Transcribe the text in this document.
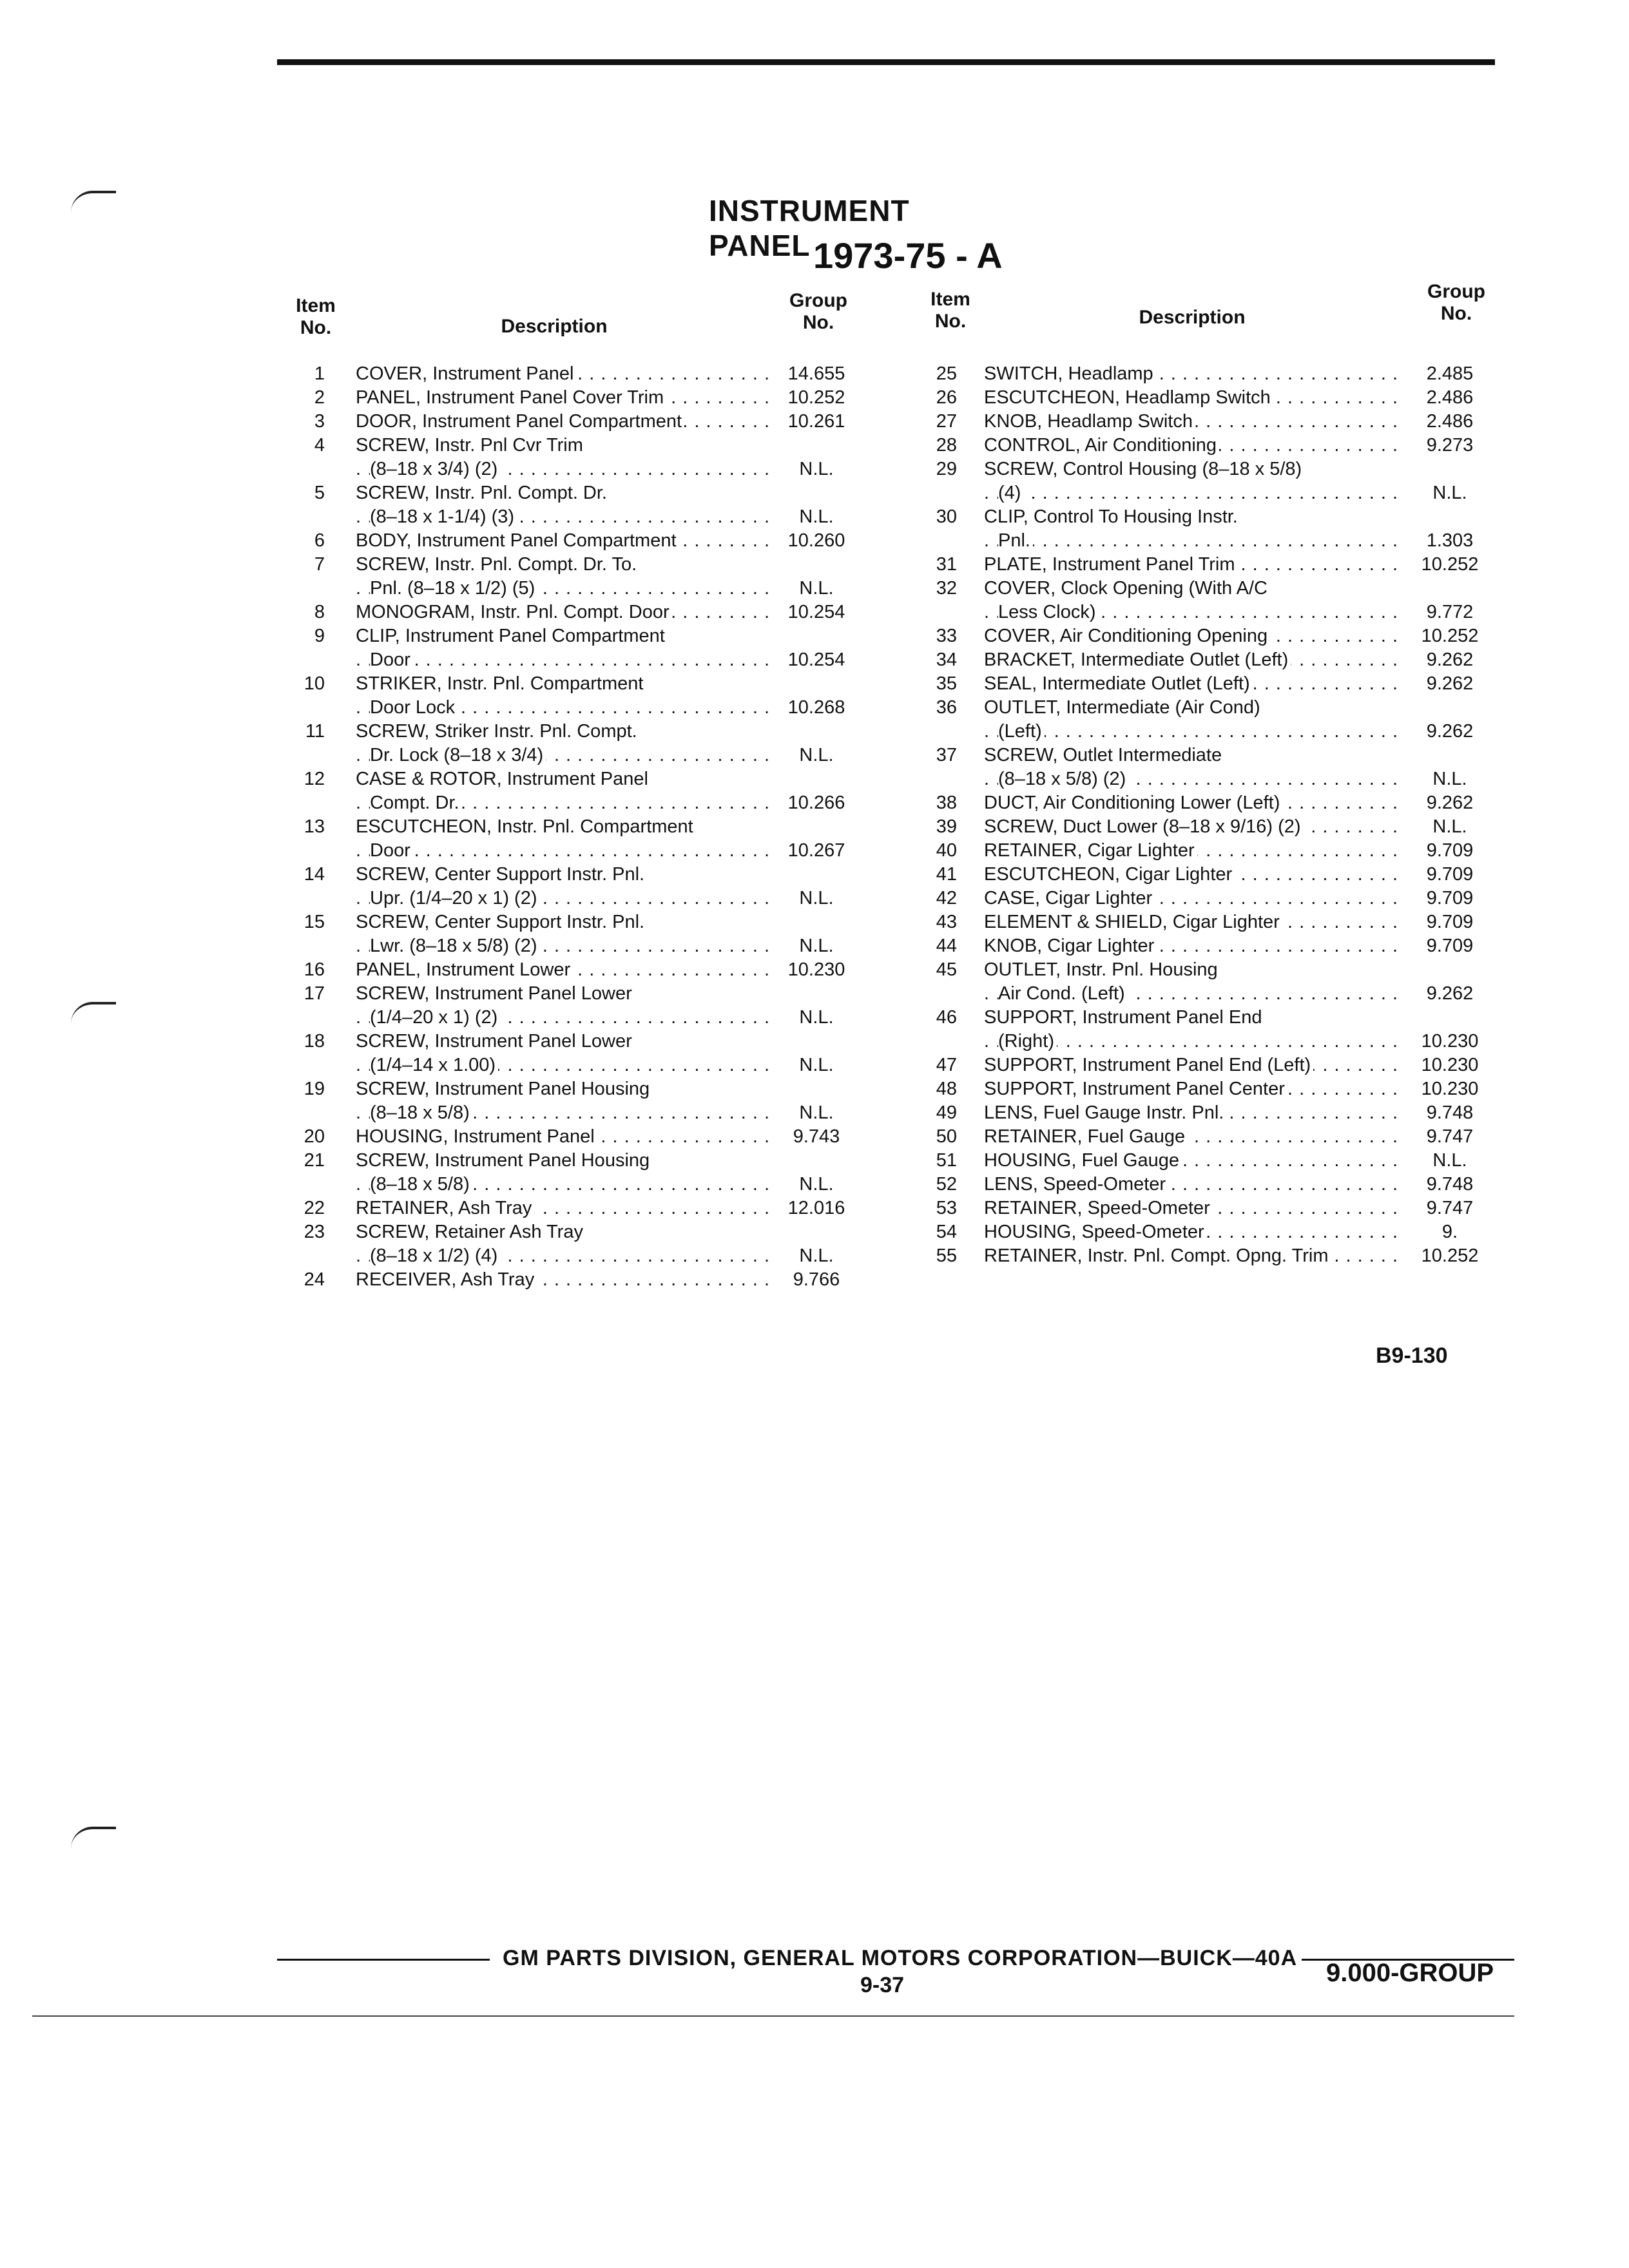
INSTRUMENT PANEL 1973-75 - A
Item No.	Description
Group No.
Item No.	Description
Group No.
1 COVER, Instrument Panel . . .	14.655
2 PANEL, Instrument Panel Cover Trim . . .	10.252
3 DOOR, Instrument Panel Compartment . . .	10.261
4 SCREW, Instr. Pnl Cvr Trim
(8–18 x 3/4) (2) . . .	N.L.
5 SCREW, Instr. Pnl. Compt. Dr.
(8–18 x 1-1/4) (3) . . .	N.L.
6 BODY, Instrument Panel Compartment . . .	10.260
7 SCREW, Instr. Pnl. Compt. Dr. To.
Pnl. (8–18 x 1/2) (5) . . .	N.L.
8 MONOGRAM, Instr. Pnl. Compt. Door . . .	10.254
9 CLIP, Instrument Panel Compartment
Door . . .	10.254
10 STRIKER, Instr. Pnl. Compartment
Door Lock . . .	10.268
11 SCREW, Striker Instr. Pnl. Compt.
Dr. Lock (8–18 x 3/4) . . .	N.L.
12 CASE & ROTOR, Instrument Panel
Compt. Dr. . . .	10.266
13 ESCUTCHEON, Instr. Pnl. Compartment
Door . . .	10.267
14 SCREW, Center Support Instr. Pnl.
Upr. (1/4–20 x 1) (2) . . .	N.L.
15 SCREW, Center Support Instr. Pnl.
Lwr. (8–18 x 5/8) (2) . . .	N.L.
16 PANEL, Instrument Lower . . .	10.230
17 SCREW, Instrument Panel Lower
(1/4–20 x 1) (2) . . .	N.L.
18 SCREW, Instrument Panel Lower
(1/4–14 x 1.00) . . .	N.L.
19 SCREW, Instrument Panel Housing
(8–18 x 5/8) . . .	N.L.
20 HOUSING, Instrument Panel . . .	9.743
21 SCREW, Instrument Panel Housing
(8–18 x 5/8) . . .	N.L.
22 RETAINER, Ash Tray . . .	12.016
23 SCREW, Retainer Ash Tray
(8–18 x 1/2) (4) . . .	N.L.
24 RECEIVER, Ash Tray . . .	9.766
25 SWITCH, Headlamp . . .	2.485
26 ESCUTCHEON, Headlamp Switch . . .	2.486
27 KNOB, Headlamp Switch . . .	2.486
28 CONTROL, Air Conditioning . . .	9.273
29 SCREW, Control Housing (8–18 x 5/8)
(4) . . .	N.L.
30 CLIP, Control To Housing Instr.
Pnl. . . .	1.303
31 PLATE, Instrument Panel Trim . . .	10.252
32 COVER, Clock Opening (With A/C
Less Clock) . . .	9.772
33 COVER, Air Conditioning Opening . . .	10.252
34 BRACKET, Intermediate Outlet (Left) . . .	9.262
35 SEAL, Intermediate Outlet (Left) . . .	9.262
36 OUTLET, Intermediate (Air Cond)
(Left) . . .	9.262
37 SCREW, Outlet Intermediate
(8–18 x 5/8) (2) . . .	N.L.
38 DUCT, Air Conditioning Lower (Left) . . .	9.262
39 SCREW, Duct Lower (8–18 x 9/16) (2) . . .	N.L.
40 RETAINER, Cigar Lighter . . .	9.709
41 ESCUTCHEON, Cigar Lighter . . .	9.709
42 CASE, Cigar Lighter . . .	9.709
43 ELEMENT & SHIELD, Cigar Lighter . . .	9.709
44 KNOB, Cigar Lighter . . .	9.709
45 OUTLET, Instr. Pnl. Housing
Air Cond. (Left) . . .	9.262
46 SUPPORT, Instrument Panel End
(Right) . . .	10.230
47 SUPPORT, Instrument Panel End (Left) . . .	10.230
48 SUPPORT, Instrument Panel Center . . .	10.230
49 LENS, Fuel Gauge Instr. Pnl. . . .	9.748
50 RETAINER, Fuel Gauge . . .	9.747
51 HOUSING, Fuel Gauge . . .	N.L.
52 LENS, Speed-Ometer . . .	9.748
53 RETAINER, Speed-Ometer . . .	9.747
54 HOUSING, Speed-Ometer . . .	9.
55 RETAINER, Instr. Pnl. Compt. Opng. Trim . . .	10.252
B9-130
GM PARTS DIVISION, GENERAL MOTORS CORPORATION—BUICK—40A
9-37	9.000-GROUP
